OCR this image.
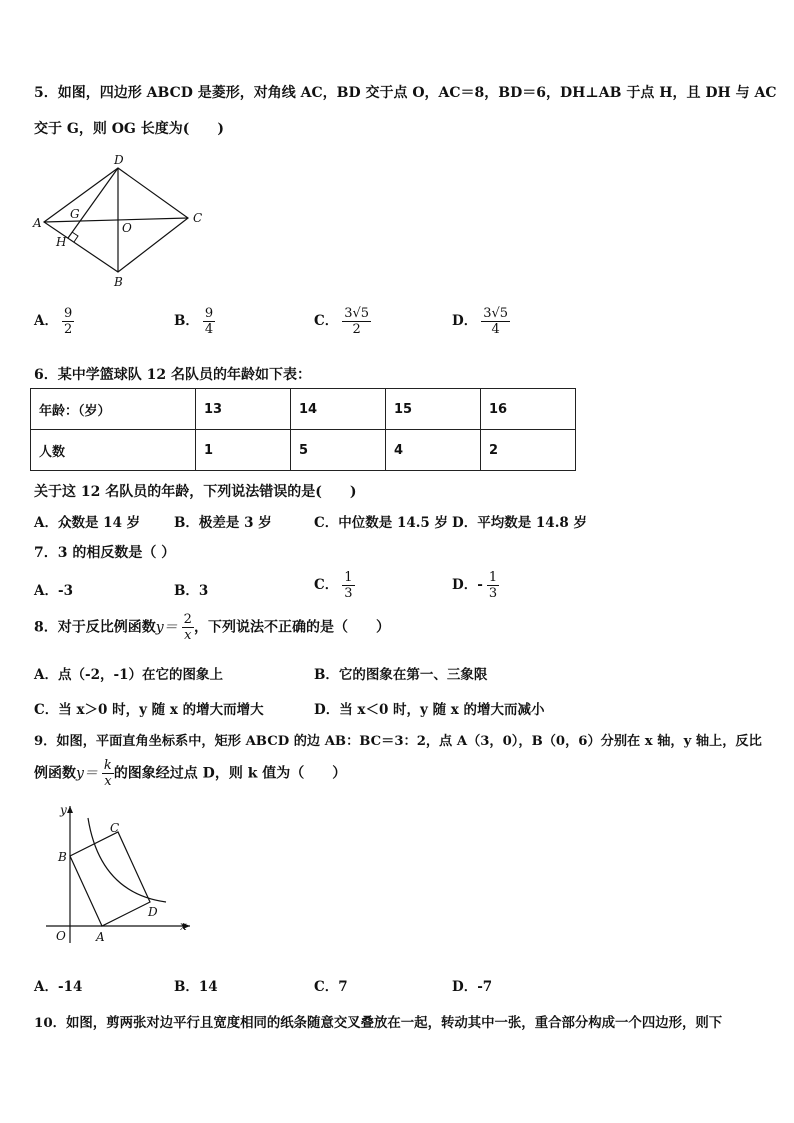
5．如图，四边形 ABCD 是菱形，对角线 AC，BD 交于点 O，AC＝8，BD＝6，DH⊥AB 于点 H，且 DH 与 AC
交于 G，则 OG 长度为(　　)
D
A
G
O
C
H
B
A． $\frac{9}{2}$	B． $\frac{9}{4}$	C． $\frac{3√5}{2}$	D． $\frac{3√5}{4}$
6．某中学篮球队 12 名队员的年龄如下表：
年龄：（岁）	13	14	15	16
人数	1	5	4	2
关于这 12 名队员的年龄，下列说法错误的是(　　)
A．众数是 14 岁	B．极差是 3 岁	C．中位数是 14.5 岁 D．平均数是 14.8 岁
7．3 的相反数是（ ）
A．-3	B．3	C． $\frac{1}{3}$	D．- $\frac{1}{3}$
8．对于反比例函数$y= \frac{2}{x}$ ，下列说法不正确的是（　　）
A．点（-2，-1）在它的图象上	B．它的图象在第一、三象限
C．当 x＞0 时，y 随 x 的增大而增大	D．当 x＜0 时，y 随 x 的增大而减小
9．如图，平面直角坐标系中，矩形 ABCD 的边 AB：BC＝3：2，点 A（3，0），B（0，6）分别在 x 轴，y 轴上，反比
例函数$y= \frac{k}{x}$ 的图象经过点 D，则 k 值为（　　）
y
x
O	A
B
C
D
A．-14	B．14	C．7	D．-7
10．如图，剪两张对边平行且宽度相同的纸条随意交叉叠放在一起，转动其中一张，重合部分构成一个四边形，则下
